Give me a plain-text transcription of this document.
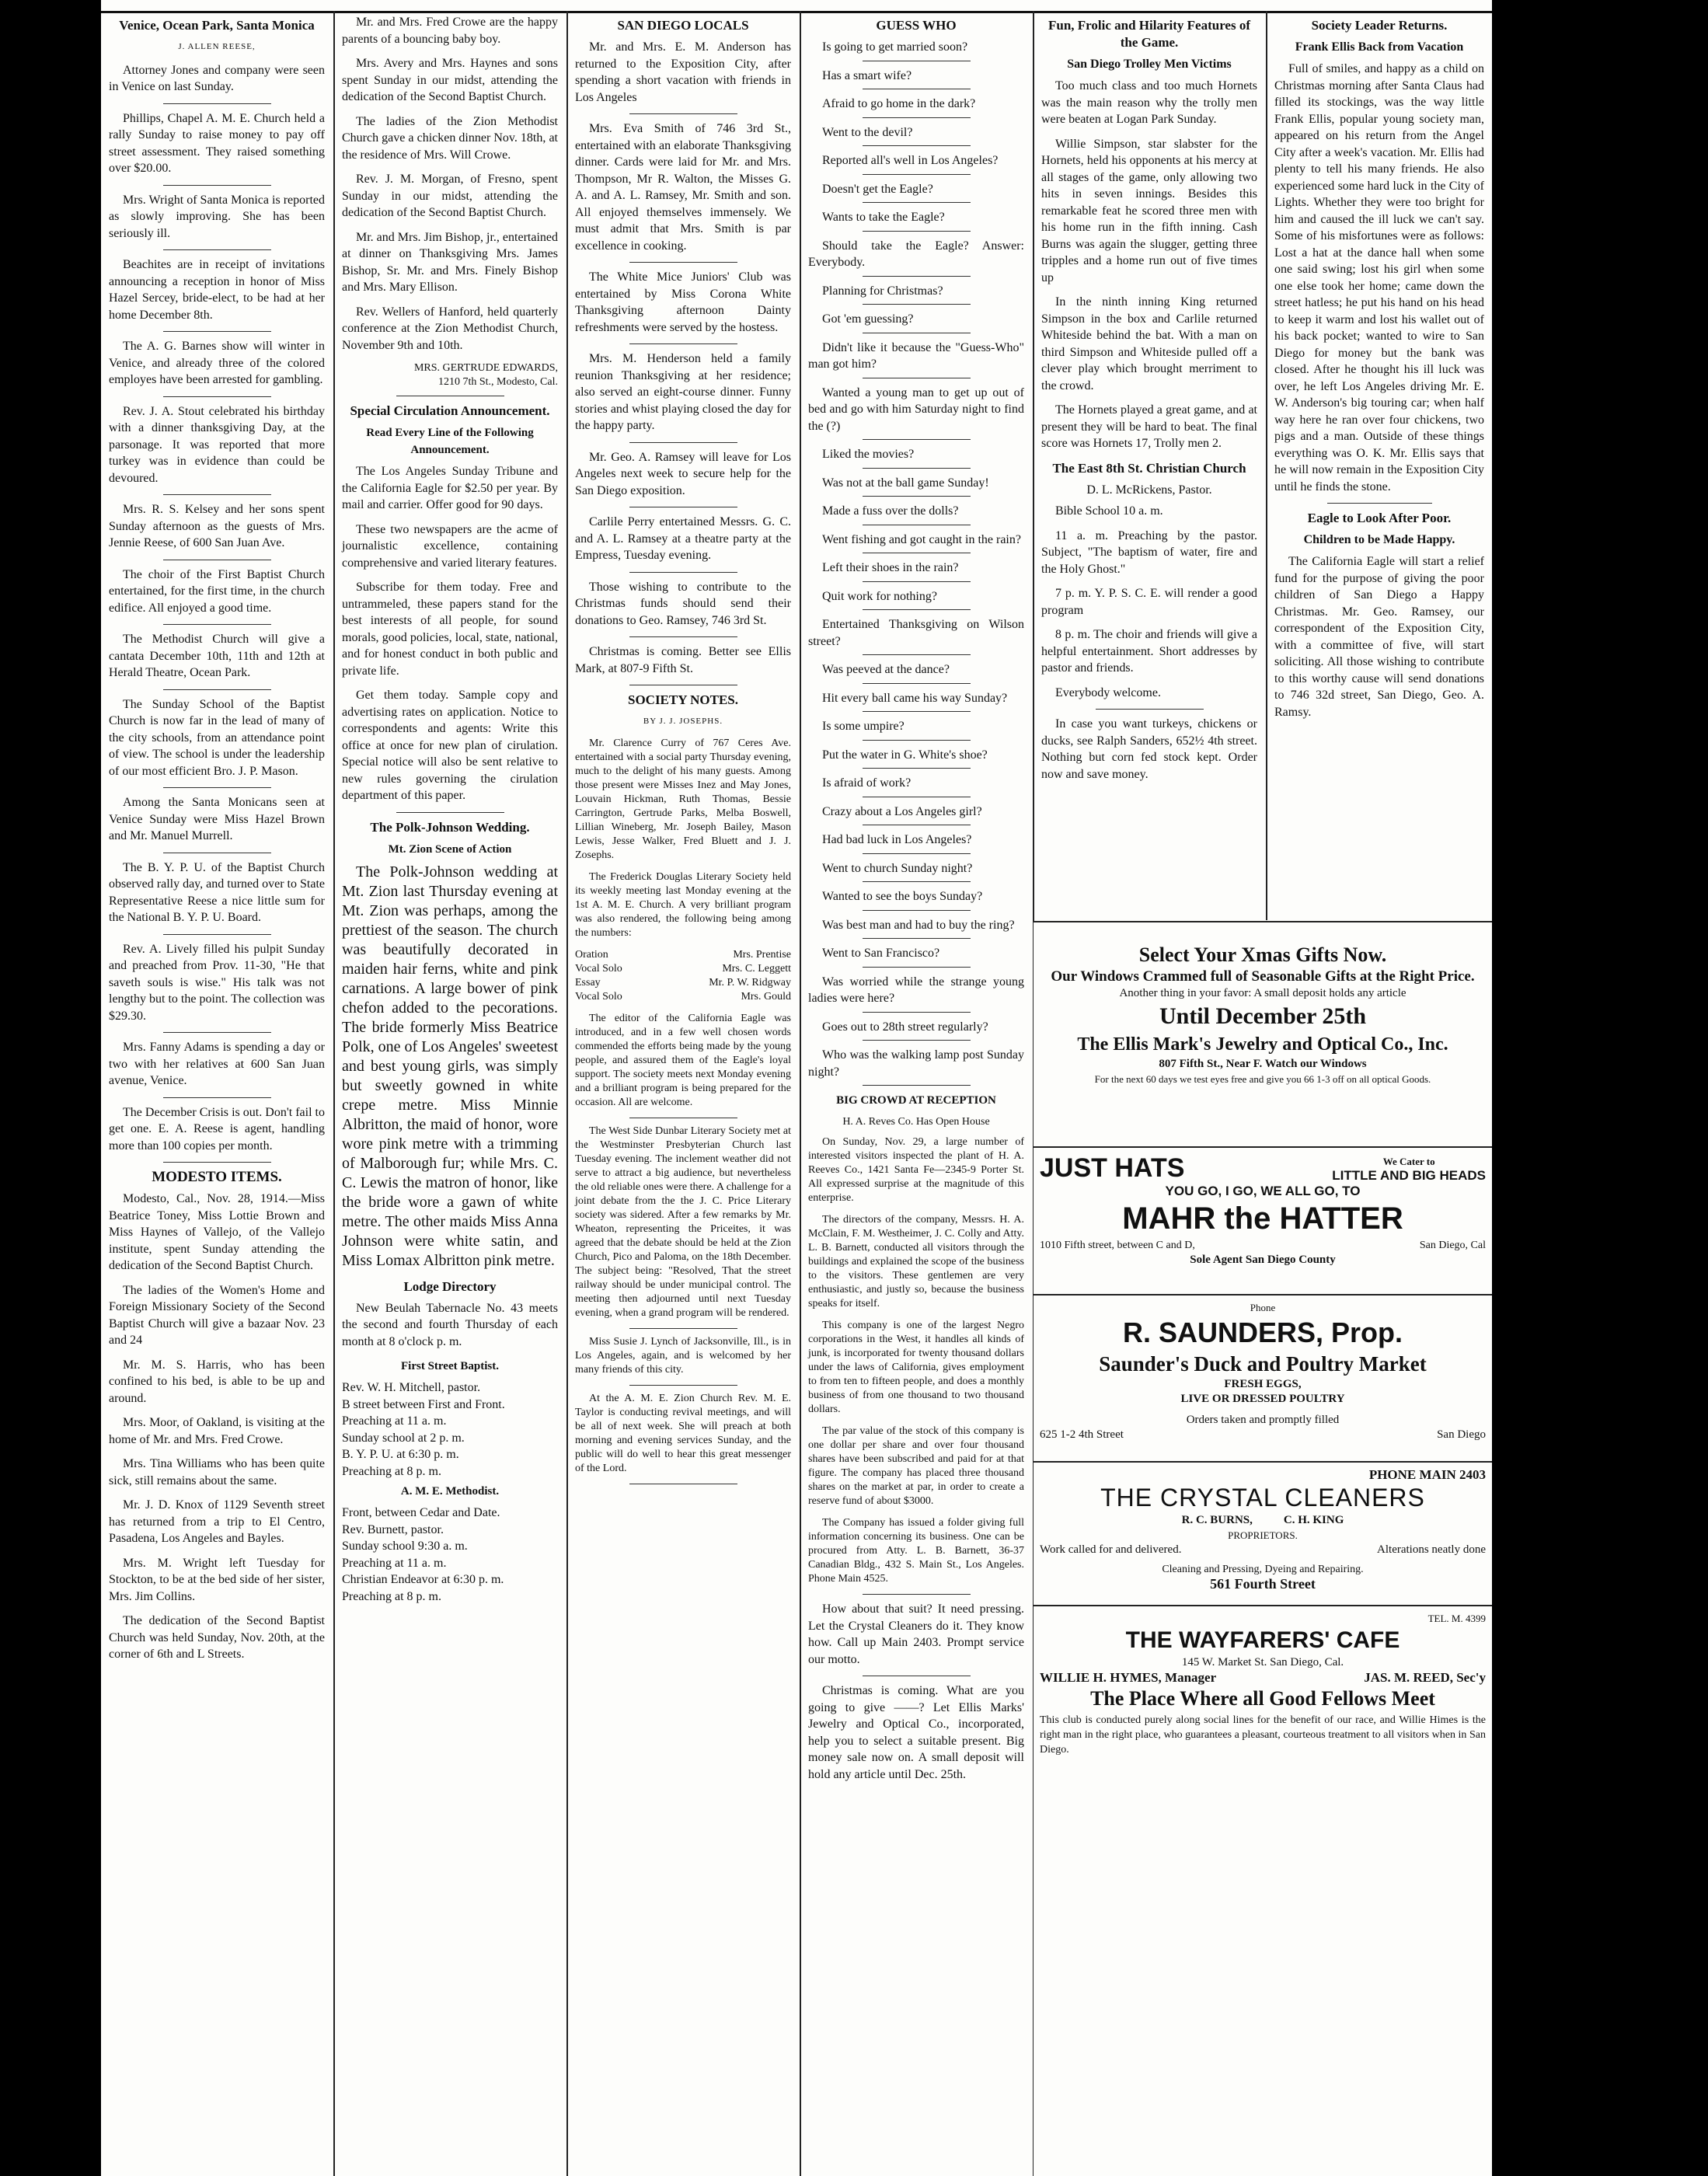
Venice, Ocean Park, Santa Monica
J. ALLEN REESE,

Attorney Jones and company were seen in Venice on last Sunday.

Phillips, Chapel A. M. E. Church held a rally Sunday to raise money to pay off street assessment. They raised something over $20.00.

Mrs. Wright of Santa Monica is reported as slowly improving. She has been seriously ill.

Beachites are in receipt of invitations announcing a reception in honor of Miss Hazel Sercey, bride-elect, to be had at her home December 8th.

The A. G. Barnes show will winter in Venice, and already three of the colored employes have been arrested for gambling.

Rev. J. A. Stout celebrated his birthday with a dinner thanksgiving Day, at the parsonage. It was reported that more turkey was in evidence than could be devoured.

Mrs. R. S. Kelsey and her sons spent Sunday afternoon as the guests of Mrs. Jennie Reese, of 600 San Juan Ave.

The choir of the First Baptist Church entertained, for the first time, in the church edifice. All enjoyed a good time.

The Methodist Church will give a cantata December 10th, 11th and 12th at Herald Theatre, Ocean Park.

The Sunday School of the Baptist Church is now far in the lead of many of the city schools, from an attendance point of view. The school is under the leadership of our most efficient Bro. J. P. Mason.

Among the Santa Monicans seen at Venice Sunday were Miss Hazel Brown and Mr. Manuel Murrell.

The B. Y. P. U. of the Baptist Church observed rally day, and turned over to State Representative Reese a nice little sum for the National B. Y. P. U. Board.

Rev. A. Lively filled his pulpit Sunday and preached from Prov. 11-30, "He that saveth souls is wise." His talk was not lengthy but to the point. The collection was $29.30.

Mrs. Fanny Adams is spending a day or two with her relatives at 600 San Juan avenue, Venice.

The December Crisis is out. Don't fail to get one. E. A. Reese is agent, handling more than 100 copies per month.

MODESTO ITEMS.

Modesto, Cal., Nov. 28, 1914.—Miss Beatrice Toney, Miss Lottie Brown and Miss Haynes of Vallejo, of the Vallejo institute, spent Sunday attending the dedication of the Second Baptist Church.

The ladies of the Women's Home and Foreign Missionary Society of the Second Baptist Church will give a bazaar Nov. 23 and 24

Mr. M. S. Harris, who has been confined to his bed, is able to be up and around.

Mrs. Moor, of Oakland, is visiting at the home of Mr. and Mrs. Fred Crowe.

Mrs. Tina Williams who has been quite sick, still remains about the same.

Mr. J. D. Knox of 1129 Seventh street has returned from a trip to El Centro, Pasadena, Los Angeles and Bayles.

Mrs. M. Wright left Tuesday for Stockton, to be at the bed side of her sister, Mrs. Jim Collins.

The dedication of the Second Baptist Church was held Sunday, Nov. 20th, at the corner of 6th and L Streets.

Mr. and Mrs. Fred Crowe are the happy parents of a bouncing baby boy.

Mrs. Avery and Mrs. Haynes and sons spent Sunday in our midst, attending the dedication of the Second Baptist Church.

The ladies of the Zion Methodist Church gave a chicken dinner Nov. 18th, at the residence of Mrs. Will Crowe.

Rev. J. M. Morgan, of Fresno, spent Sunday in our midst, attending the dedication of the Second Baptist Church.

Mr. and Mrs. Jim Bishop, jr., entertained at dinner on Thanksgiving Mrs. James Bishop, Sr. Mr. and Mrs. Finely Bishop and Mrs. Mary Ellison.

Rev. Wellers of Hanford, held quarterly conference at the Zion Methodist Church, November 9th and 10th.

MRS. GERTRUDE EDWARDS,
1210 7th St., Modesto, Cal.
Special Circulation Announcement.
Read Every Line of the Following Announcement.

The Los Angeles Sunday Tribune and the California Eagle for $2.50 per year. By mail and carrier. Offer good for 90 days.

These two newspapers are the acme of journalistic excellence, containing comprehensive and varied literary features.

Subscribe for them today. Free and untrammeled, these papers stand for the best interests of all people, for sound morals, good policies, local, state, national, and for honest conduct in both public and private life.

Get them today. Sample copy and advertising rates on application. Notice to correspondents and agents: Write this office at once for new plan of cirulation. Special notice will also be sent relative to new rules governing the cirulation department of this paper.

The Polk-Johnson Wedding.
Mt. Zion Scene of Action

The Polk-Johnson wedding at Mt. Zion last Thursday evening at Mt. Zion was perhaps, among the prettiest of the season. The church was beautifully decorated in maiden hair ferns, white and pink carnations. A large bower of pink chefon added to the pecorations. The bride formerly Miss Beatrice Polk, one of Los Angeles' sweetest and best young girls, was simply but sweetly gowned in white crepe metre. Miss Minnie Albritton, the maid of honor, wore wore pink metre with a trimming of Malborough fur; while Mrs. C. C. Lewis the matron of honor, like the bride wore a gawn of white metre. The other maids Miss Anna Johnson were white satin, and Miss Lomax Albritton pink metre.

Lodge Directory

New Beulah Tabernacle No. 43 meets the second and fourth Thursday of each month at 8 o'clock p. m.

First Street Baptist.
Rev. W. H. Mitchell, pastor.
B street between First and Front.
Preaching at 11 a. m.
Sunday school at 2 p. m.
B. Y. P. U. at 6:30 p. m.
Preaching at 8 p. m.
A. M. E. Methodist.
Front, between Cedar and Date.
Rev. Burnett, pastor.
Sunday school 9:30 a. m.
Preaching at 11 a. m.
Christian Endeavor at 6:30 p. m.
Preaching at 8 p. m.
SAN DIEGO LOCALS

Mr. and Mrs. E. M. Anderson has returned to the Exposition City, after spending a short vacation with friends in Los Angeles

Mrs. Eva Smith of 746 3rd St., entertained with an elaborate Thanksgiving dinner. Cards were laid for Mr. and Mrs. Thompson, Mr R. Walton, the Misses G. A. and A. L. Ramsey, Mr. Smith and son. All enjoyed themselves immensely. We must admit that Mrs. Smith is par excellence in cooking.

The White Mice Juniors' Club was entertained by Miss Corona White Thanksgiving afternoon Dainty refreshments were served by the hostess.

Mrs. M. Henderson held a family reunion Thanksgiving at her residence; also served an eight-course dinner. Funny stories and whist playing closed the day for the happy party.

Mr. Geo. A. Ramsey will leave for Los Angeles next week to secure help for the San Diego exposition.

Carlile Perry entertained Messrs. G. C. and A. L. Ramsey at a theatre party at the Empress, Tuesday evening.

Those wishing to contribute to the Christmas funds should send their donations to Geo. Ramsey, 746 3rd St.

Christmas is coming. Better see Ellis Mark, at 807-9 Fifth St.

SOCIETY NOTES.
BY J. J. JOSEPHS.

Mr. Clarence Curry of 767 Ceres Ave. entertained with a social party Thursday evening, much to the delight of his many guests. Among those present were Misses Inez and May Jones, Louvain Hickman, Ruth Thomas, Bessie Carrington, Gertrude Parks, Melba Boswell, Lillian Wineberg, Mr. Joseph Bailey, Mason Lewis, Jesse Walker, Fred Bluett and J. J. Zosephs.

The Frederick Douglas Literary Society held its weekly meeting last Monday evening at the 1st A. M. E. Church. A very brilliant program was also rendered, the following being among the numbers:

Oration	Mrs. Prentise
Vocal Solo	Mrs. C. Leggett
Essay	Mr. P. W. Ridgway
Vocal Solo	Mrs. Gould

The editor of the California Eagle was introduced, and in a few well chosen words commended the efforts being made by the young people, and assured them of the Eagle's loyal support. The society meets next Monday evening and a brilliant program is being prepared for the occasion. All are welcome.

The West Side Dunbar Literary Society met at the Westminster Presbyterian Church last Tuesday evening. The inclement weather did not serve to attract a big audience, but nevertheless the old reliable ones were there. A challenge for a joint debate from the the J. C. Price Literary society was sidered. After a few remarks by Mr. Wheaton, representing the Priceites, it was agreed that the debate should be held at the Zion Church, Pico and Paloma, on the 18th December. The subject being: "Resolved, That the street railway should be under municipal control. The meeting then adjourned until next Tuesday evening, when a grand program will be rendered.

Miss Susie J. Lynch of Jacksonville, Ill., is in Los Angeles, again, and is welcomed by her many friends of this city.

At the A. M. E. Zion Church Rev. M. E. Taylor is conducting revival meetings, and will be all of next week. She will preach at both morning and evening services Sunday, and the public will do well to hear this great messenger of the Lord.

GUESS WHO

Is going to get married soon?

Has a smart wife?

Afraid to go home in the dark?

Went to the devil?

Reported all's well in Los Angeles?

Doesn't get the Eagle?

Wants to take the Eagle?

Should take the Eagle? Answer: Everybody.

Planning for Christmas?

Got 'em guessing?

Didn't like it because the "Guess-Who" man got him?

Wanted a young man to get up out of bed and go with him Saturday night to find the (?)

Liked the movies?

Was not at the ball game Sunday!

Made a fuss over the dolls?

Went fishing and got caught in the rain?

Left their shoes in the rain?

Quit work for nothing?

Entertained Thanksgiving on Wilson street?

Was peeved at the dance?

Hit every ball came his way Sunday?

Is some umpire?

Put the water in G. White's shoe?

Is afraid of work?

Crazy about a Los Angeles girl?

Had bad luck in Los Angeles?

Went to church Sunday night?

Wanted to see the boys Sunday?

Was best man and had to buy the ring?

Went to San Francisco?

Was worried while the strange young ladies were here?

Goes out to 28th street regularly?

Who was the walking lamp post Sunday night?

BIG CROWD AT RECEPTION
H. A. Reves Co. Has Open House

On Sunday, Nov. 29, a large number of interested visitors inspected the plant of H. A. Reeves Co., 1421 Santa Fe—2345-9 Porter St. All expressed surprise at the magnitude of this enterprise.

The directors of the company, Messrs. H. A. McClain, F. M. Westheimer, J. C. Colly and Atty. L. B. Barnett, conducted all visitors through the buildings and explained the scope of the business to the visitors. These gentlemen are very enthusiastic, and justly so, because the business speaks for itself.

This company is one of the largest Negro corporations in the West, it handles all kinds of junk, is incorporated for twenty thousand dollars under the laws of California, gives employment to from ten to fifteen people, and does a monthly business of from one thousand to two thousand dollars.

The par value of the stock of this company is one dollar per share and over four thousand shares have been subscribed and paid for at that figure. The company has placed three thousand shares on the market at par, in order to create a reserve fund of about $3000.

The Company has issued a folder giving full information concerning its business. One can be procured from Atty. L. B. Barnett, 36-37 Canadian Bldg., 432 S. Main St., Los Angeles. Phone Main 4525.

How about that suit? It need pressing. Let the Crystal Cleaners do it. They know how. Call up Main 2403. Prompt service our motto.

Christmas is coming. What are you going to give ——? Let Ellis Marks' Jewelry and Optical Co., incorporated, help you to select a suitable present. Big money sale now on. A small deposit will hold any article until Dec. 25th.

Fun, Frolic and Hilarity Features of the Game.
San Diego Trolley Men Victims

Too much class and too much Hornets was the main reason why the trolly men were beaten at Logan Park Sunday.

Willie Simpson, star slabster for the Hornets, held his opponents at his mercy at all stages of the game, only allowing two hits in seven innings. Besides this remarkable feat he scored three men with his home run in the fifth inning. Cash Burns was again the slugger, getting three tripples and a home run out of five times up

In the ninth inning King returned Simpson in the box and Carlile returned Whiteside behind the bat. With a man on third Simpson and Whiteside pulled off a clever play which brought merriment to the crowd.

The Hornets played a great game, and at present they will be hard to beat. The final score was Hornets 17, Trolly men 2.

The East 8th St. Christian Church
D. L. McRickens, Pastor.

Bible School 10 a. m.

11 a. m. Preaching by the pastor. Subject, "The baptism of water, fire and the Holy Ghost."

7 p. m. Y. P. S. C. E. will render a good program

8 p. m. The choir and friends will give a helpful entertainment. Short addresses by pastor and friends.

Everybody welcome.

In case you want turkeys, chickens or ducks, see Ralph Sanders, 652½ 4th street. Nothing but corn fed stock kept. Order now and save money.

Society Leader Returns.
Frank Ellis Back from Vacation

Full of smiles, and happy as a child on Christmas morning after Santa Claus had filled its stockings, was the way little Frank Ellis, popular young society man, appeared on his return from the Angel City after a week's vacation. Mr. Ellis had plenty to tell his many friends. He also experienced some hard luck in the City of Lights. Whether they were too bright for him and caused the ill luck we can't say. Some of his misfortunes were as follows: Lost a hat at the dance hall when some one said swing; lost his girl when some one else took her home; came down the street hatless; he put his hand on his head to keep it warm and lost his wallet out of his back pocket; wanted to wire to San Diego for money but the bank was closed. After he thought his ill luck was over, he left Los Angeles driving Mr. E. W. Anderson's big touring car; when half way here he ran over four chickens, two pigs and a man. Outside of these things everything was O. K. Mr. Ellis says that he will now remain in the Exposition City until he finds the stone.

Eagle to Look After Poor.
Children to be Made Happy.

The California Eagle will start a relief fund for the purpose of giving the poor children of San Diego a Happy Christmas. Mr. Geo. Ramsey, our correspondent of the Exposition City, with a committee of five, will start soliciting. All those wishing to contribute to this worthy cause will send donations to 746 32d street, San Diego, Geo. A. Ramsy.

Select Your Xmas Gifts Now.
Our Windows Crammed full of Seasonable Gifts at the Right Price.
Another thing in your favor: A small deposit holds any article
Until December 25th
The Ellis Mark's Jewelry and Optical Co., Inc.
807 Fifth St., Near F. Watch our Windows
For the next 60 days we test eyes free and give you 66 1-3 off on all optical Goods.
JUST HATS	We Cater to
LITTLE AND BIG HEADS
YOU GO, I GO, WE ALL GO, TO
MAHR the HATTER
1010 Fifth street, between C and D,	San Diego, Cal
Sole Agent San Diego County
Phone
R. SAUNDERS, Prop.
Saunder's Duck and Poultry Market
FRESH EGGS,
LIVE OR DRESSED POULTRY
Orders taken and promptly filled
625 1-2 4th Street	San Diego
PHONE MAIN 2403
THE CRYSTAL CLEANERS
R. C. BURNS,	C. H. KING
PROPRIETORS.
Work called for and delivered.	Alterations neatly done
Cleaning and Pressing, Dyeing and Repairing.
561 Fourth Street
TEL. M. 4399
THE WAYFARERS' CAFE
145 W. Market St. San Diego, Cal.
WILLIE H. HYMES, Manager	JAS. M. REED, Sec'y
The Place Where all Good Fellows Meet
This club is conducted purely along social lines for the benefit of our race, and Willie Himes is the right man in the right place, who guarantees a pleasant, courteous treatment to all visitors when in San Diego.
